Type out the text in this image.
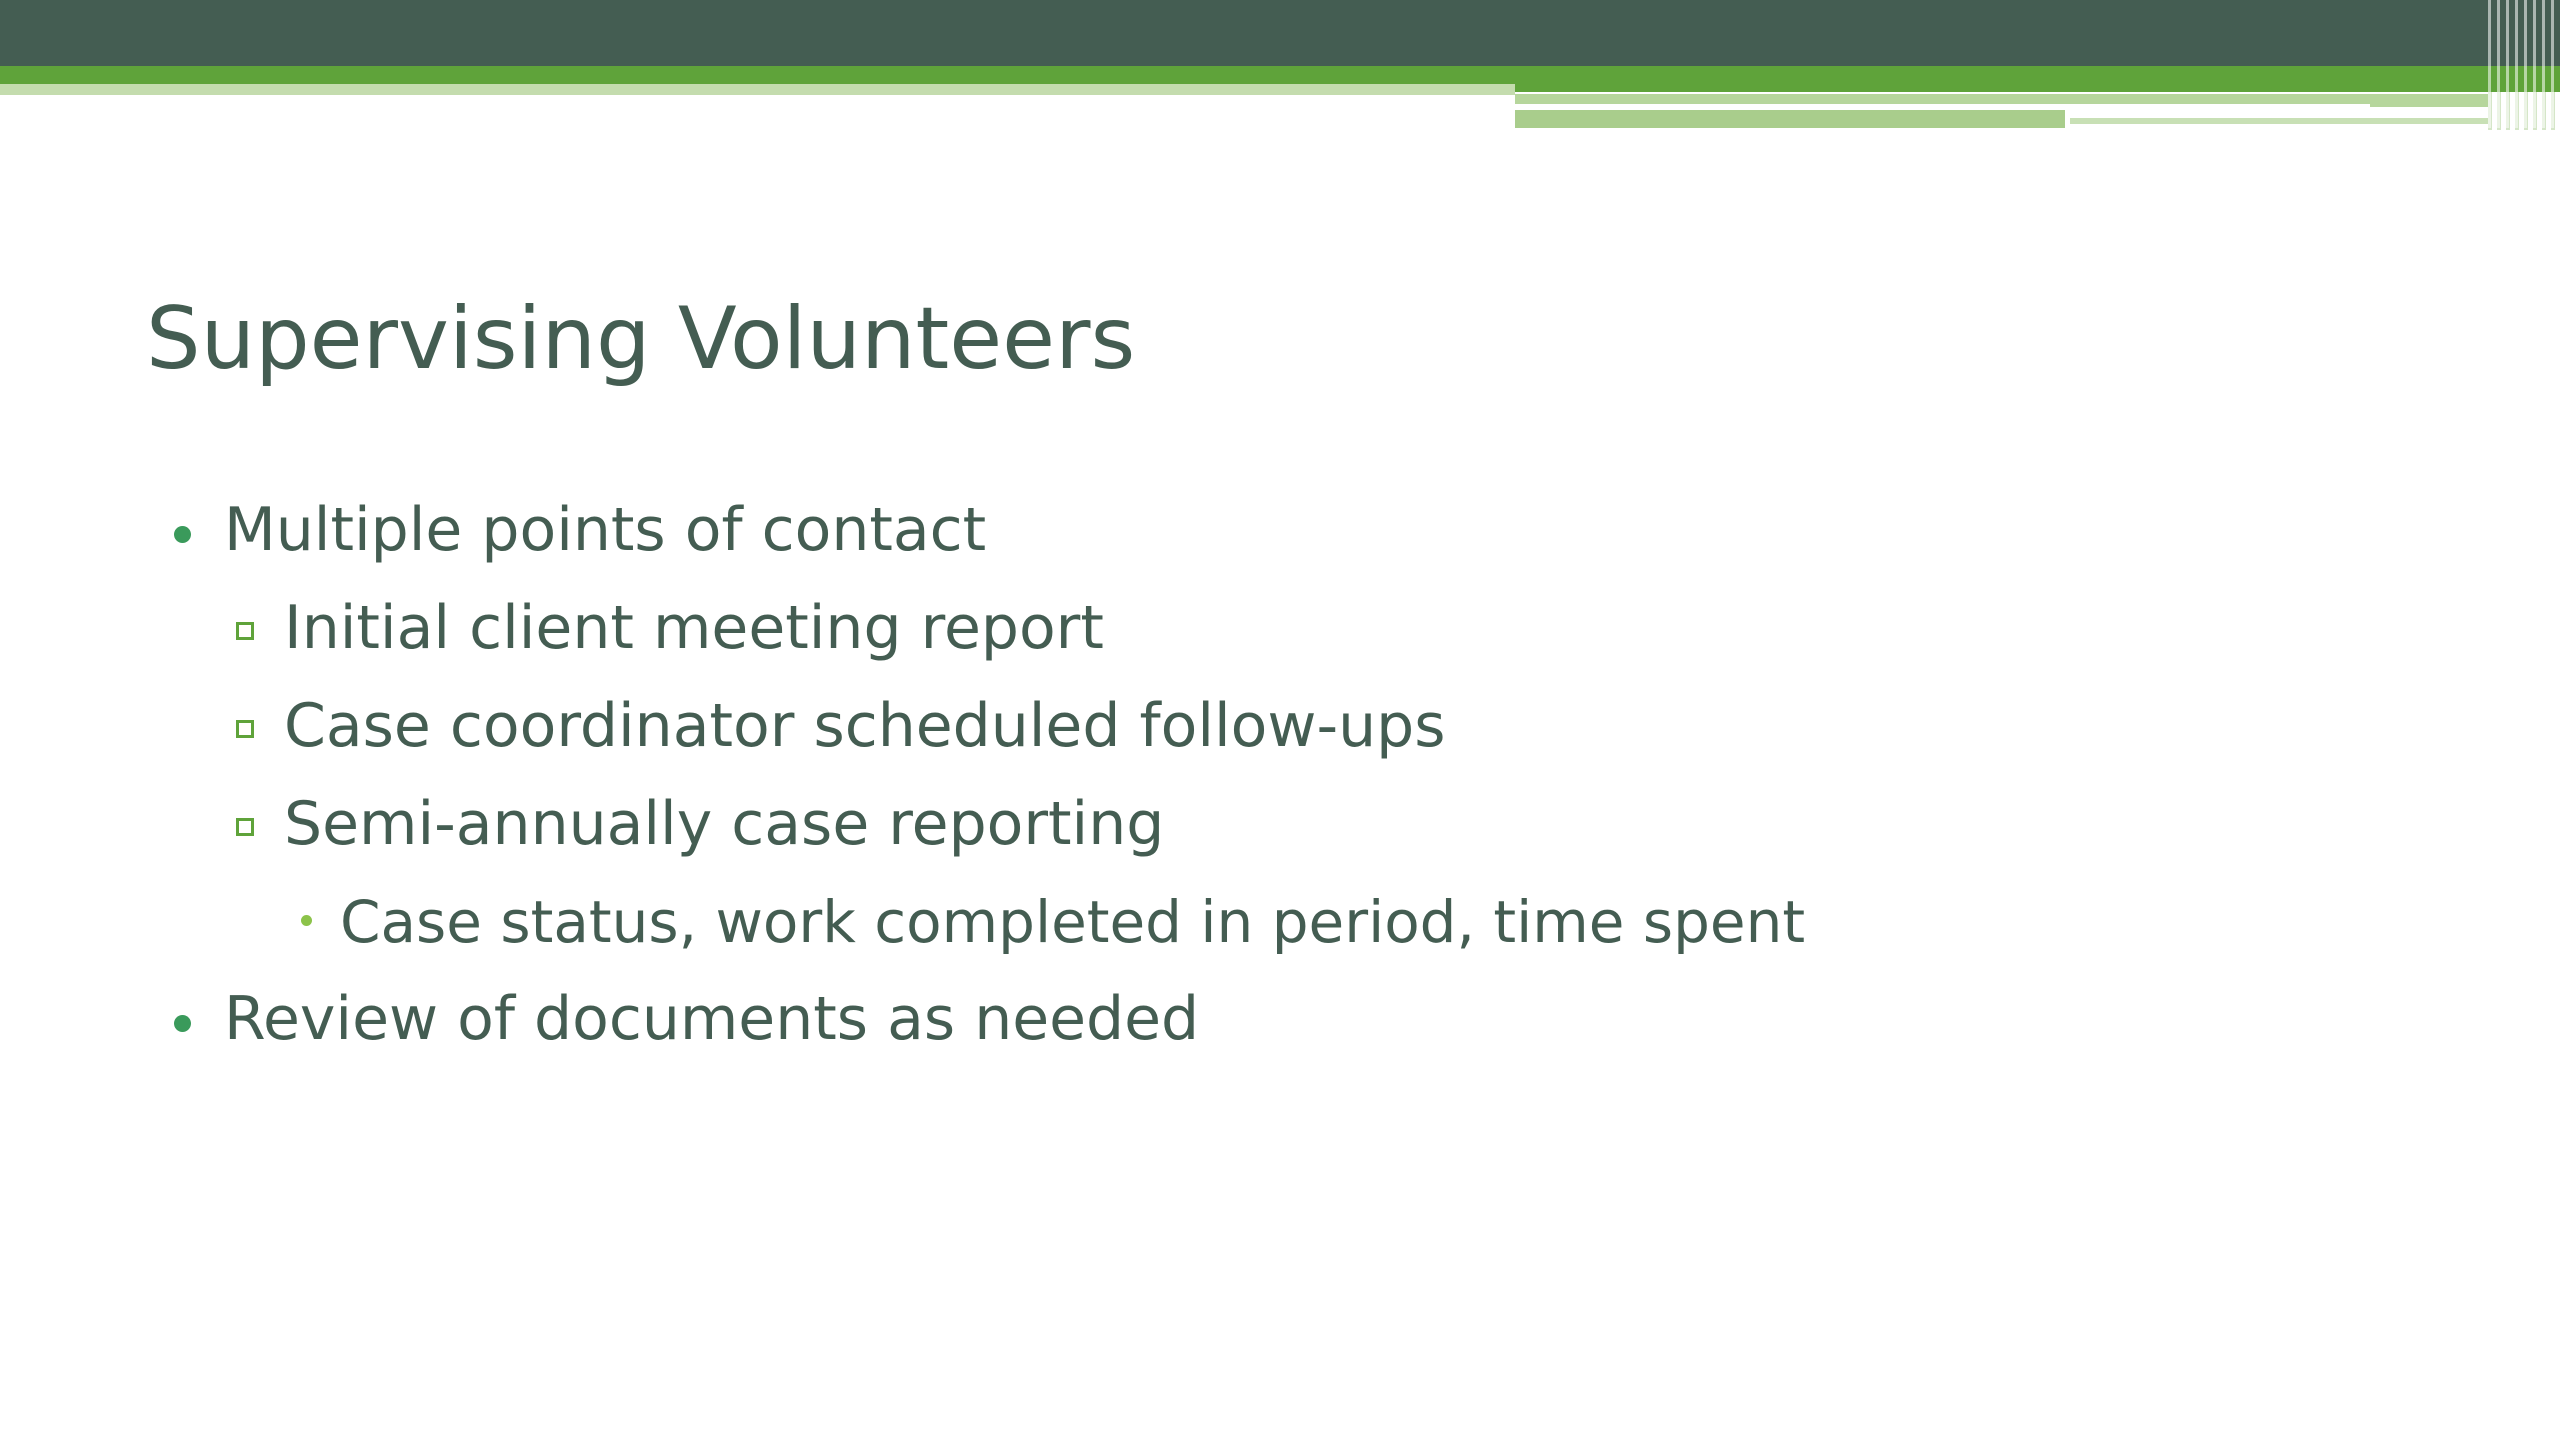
Supervising Volunteers
Multiple points of contact
Initial client meeting report
Case coordinator scheduled follow-ups
Semi-annually case reporting
Case status, work completed in period, time spent
Review of documents as needed
